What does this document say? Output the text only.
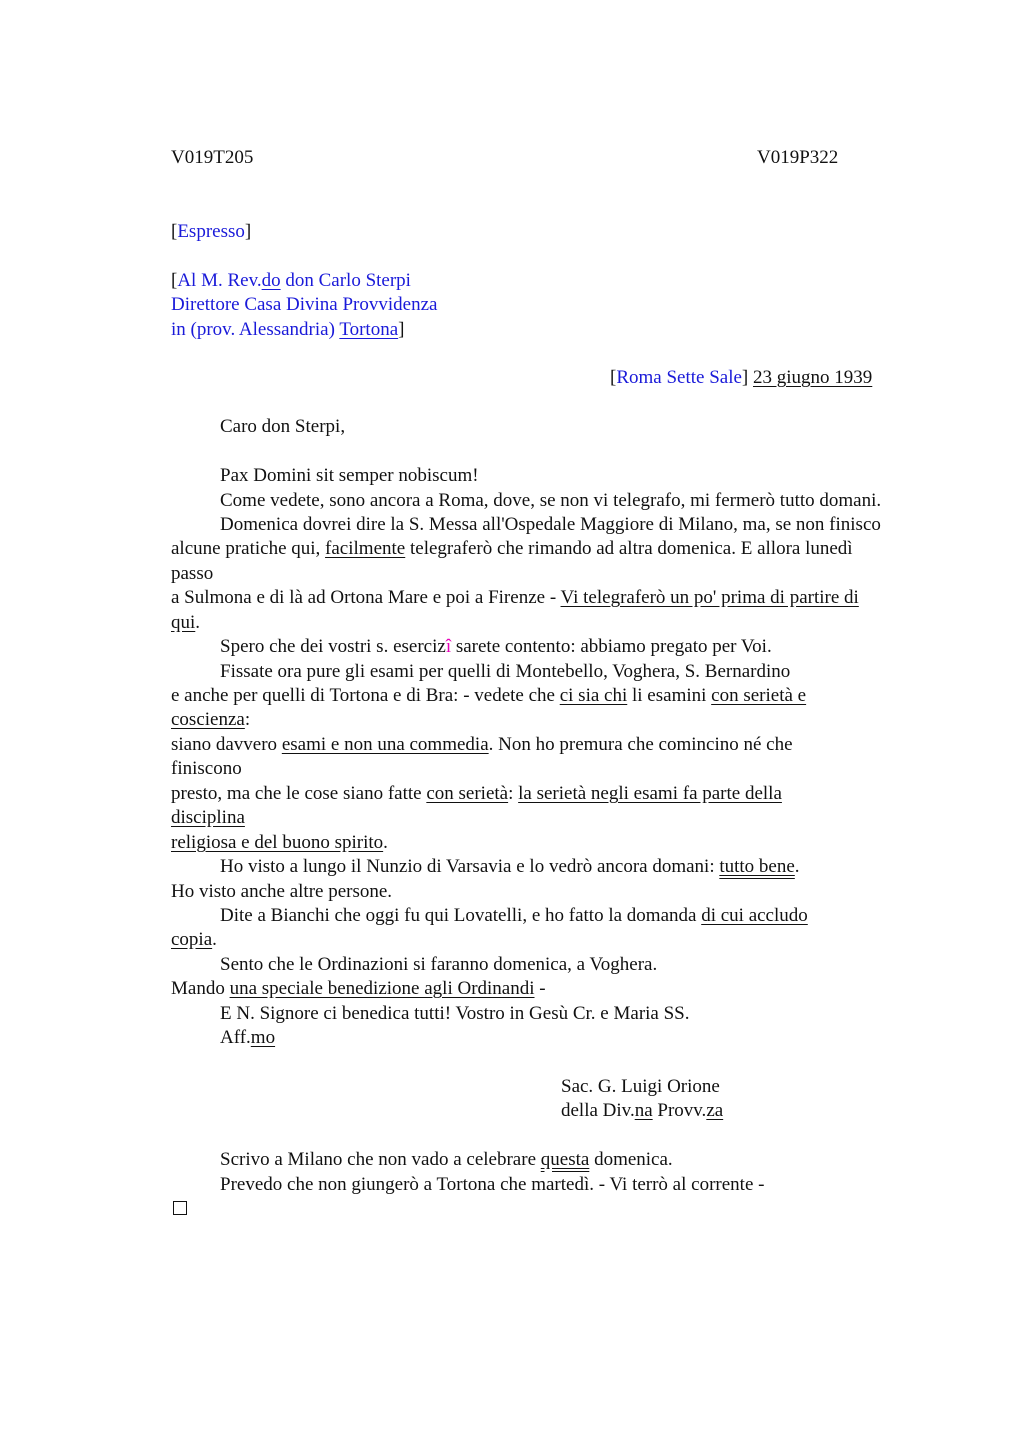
V019T205	V019P322
[Espresso]
[Al M. Rev.do don Carlo Sterpi
Direttore Casa Divina Provvidenza
in (prov. Alessandria) Tortona]
[Roma Sette Sale] 23 giugno 1939
Caro don Sterpi,
Pax Domini sit semper nobiscum!
Come vedete, sono ancora a Roma, dove, se non vi telegrafo, mi fermerò tutto domani.
Domenica dovrei dire la S. Messa all'Ospedale Maggiore di Milano, ma, se non finisco
alcune pratiche qui, facilmente telegraferò che rimando ad altra domenica. E allora lunedì
passo
a Sulmona e di là ad Ortona Mare e poi a Firenze - Vi telegraferò un po' prima di partire di
qui.
Spero che dei vostri s. esercizî sarete contento: abbiamo pregato per Voi.
Fissate ora pure gli esami per quelli di Montebello, Voghera, S. Bernardino
e anche per quelli di Tortona e di Bra: - vedete che ci sia chi li esamini con serietà e
coscienza:
siano davvero esami e non una commedia. Non ho premura che comincino né che
finiscono
presto, ma che le cose siano fatte con serietà: la serietà negli esami fa parte della
disciplina
religiosa e del buono spirito.
Ho visto a lungo il Nunzio di Varsavia e lo vedrò ancora domani: tutto bene.
Ho visto anche altre persone.
Dite a Bianchi che oggi fu qui Lovatelli, e ho fatto la domanda di cui accludo
copia.
Sento che le Ordinazioni si faranno domenica, a Voghera.
Mando una speciale benedizione agli Ordinandi -
E N. Signore ci benedica tutti! Vostro in Gesù Cr. e Maria SS.
Aff.mo
Sac. G. Luigi Orione
della Div.na Provv.za
Scrivo a Milano che non vado a celebrare questa domenica.
Prevedo che non giungerò a Tortona che martedì. - Vi terrò al corrente -
